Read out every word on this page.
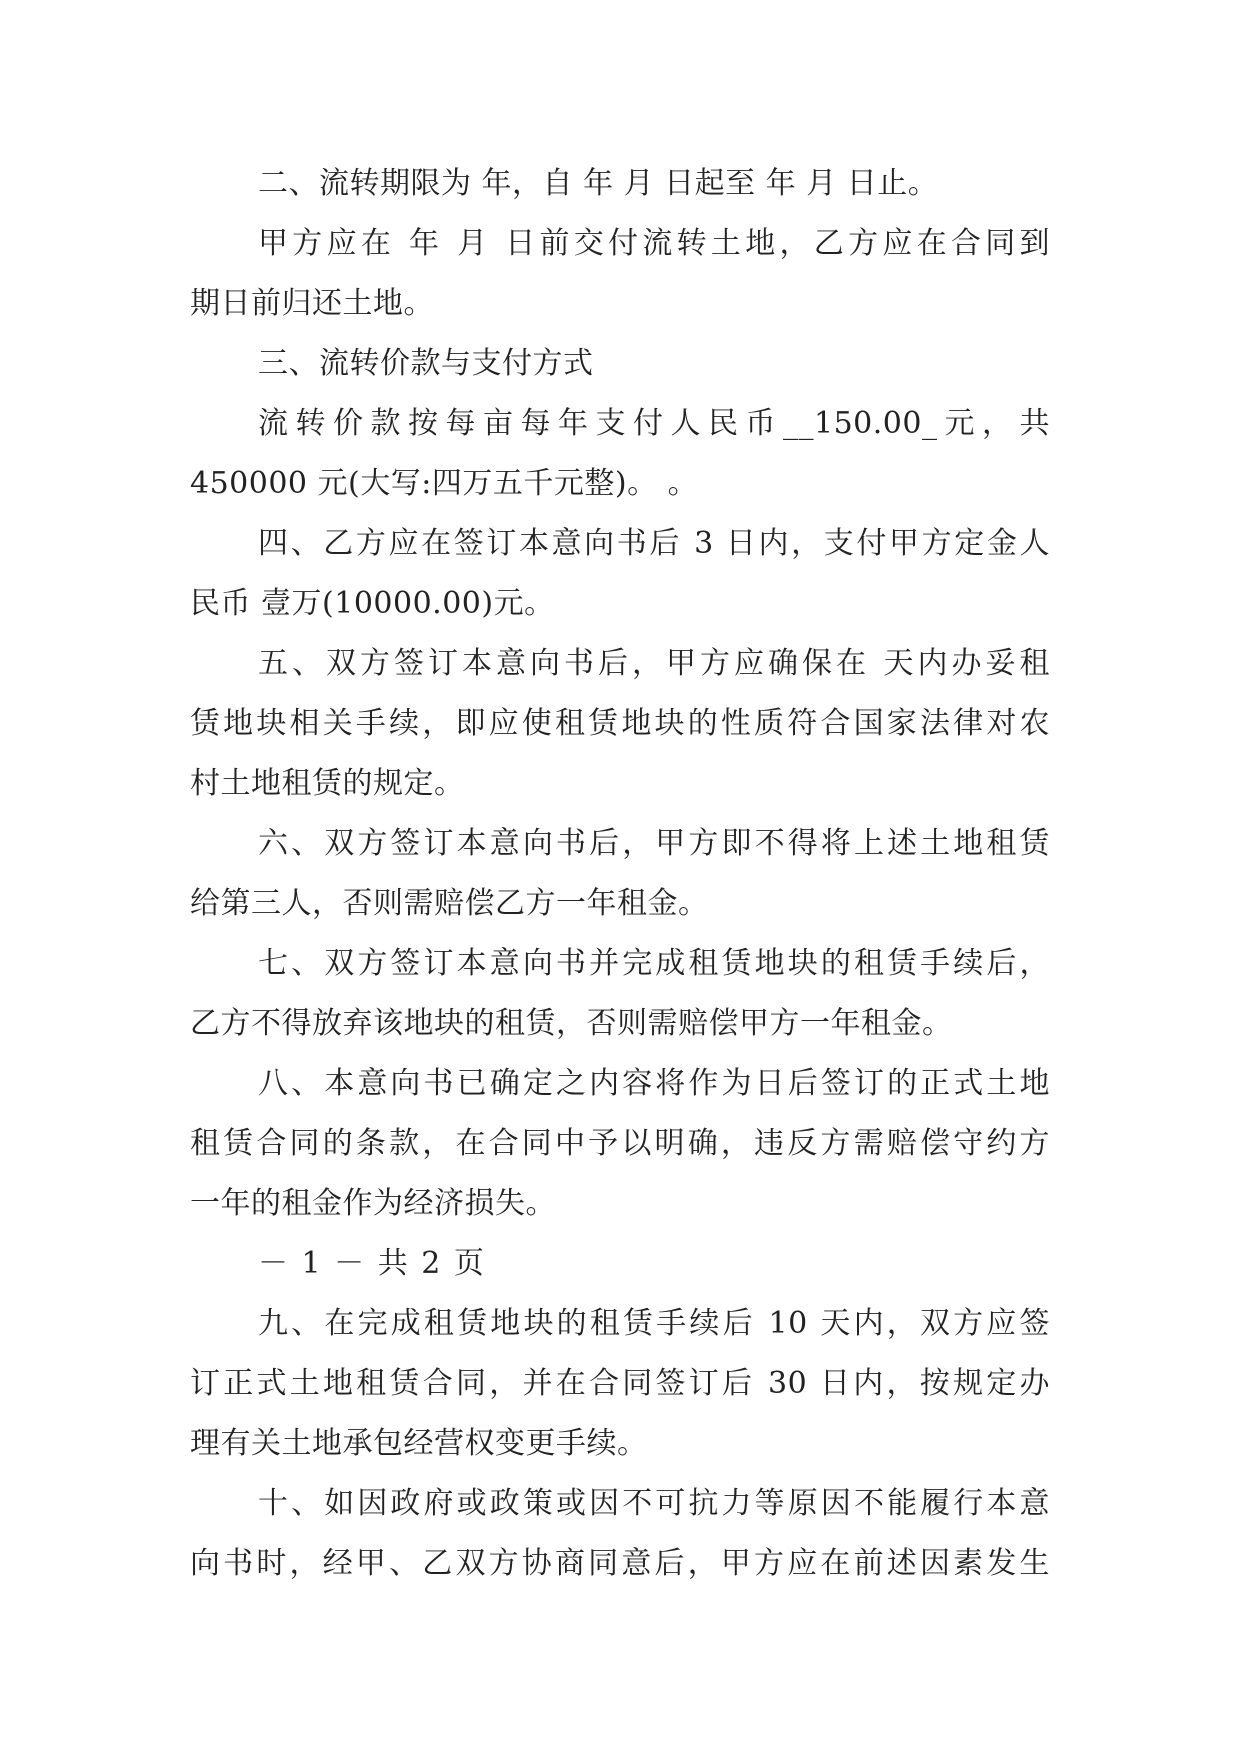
二、流转期限为 年，自 年 月 日起至 年 月 日止。
甲方应在 年 月 日前交付流转土地，乙方应在合同到
期日前归还土地。
三、流转价款与支付方式
流转价款按每亩每年支付人民币__150.00_元，共
450000 元(大写:四万五千元整)。 。
四、乙方应在签订本意向书后 3 日内，支付甲方定金人
民币 壹万(10000.00)元。
五、双方签订本意向书后，甲方应确保在 天内办妥租
赁地块相关手续，即应使租赁地块的性质符合国家法律对农
村土地租赁的规定。
六、双方签订本意向书后，甲方即不得将上述土地租赁
给第三人，否则需赔偿乙方一年租金。
七、双方签订本意向书并完成租赁地块的租赁手续后，
乙方不得放弃该地块的租赁，否则需赔偿甲方一年租金。
八、本意向书已确定之内容将作为日后签订的正式土地
租赁合同的条款，在合同中予以明确，违反方需赔偿守约方
一年的租金作为经济损失。
－ 1 － 共 2 页
九、在完成租赁地块的租赁手续后 10 天内，双方应签
订正式土地租赁合同，并在合同签订后 30 日内，按规定办
理有关土地承包经营权变更手续。
十、如因政府或政策或因不可抗力等原因不能履行本意
向书时，经甲、乙双方协商同意后，甲方应在前述因素发生
